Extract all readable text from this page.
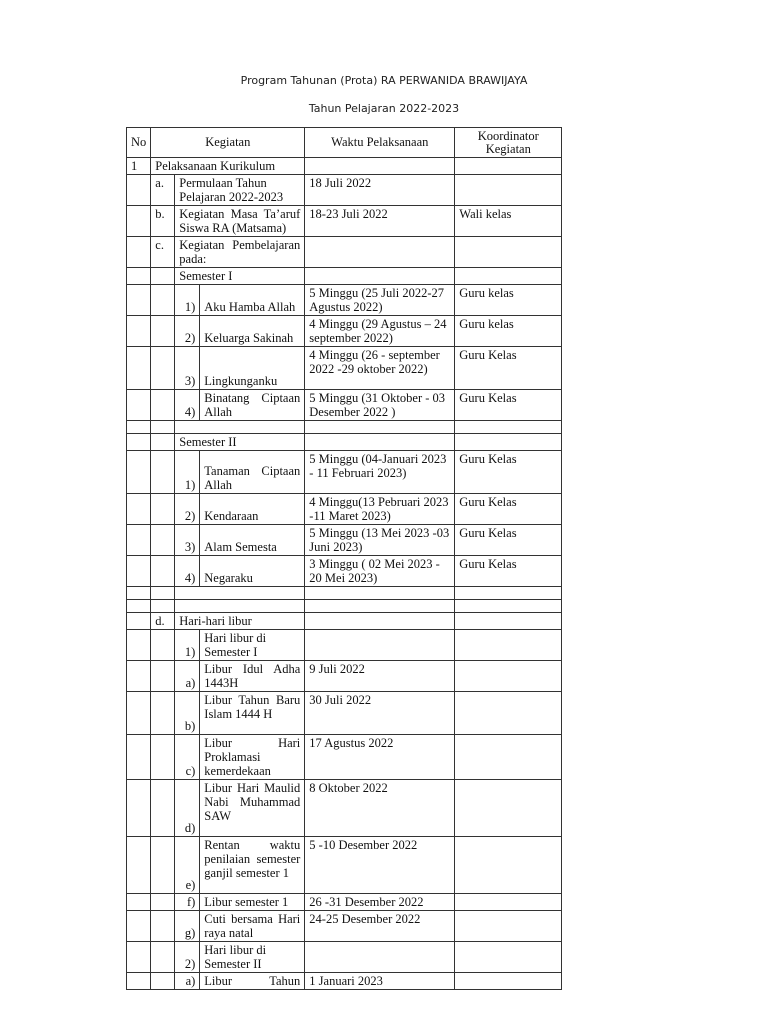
Program Tahunan (Prota) RA PERWANIDA BRAWIJAYA
Tahun Pelajaran 2022-2023
No	Kegiatan			Waktu Pelaksanaan	Koordinator Kegiatan
1	Pelaksanaan Kurikulum				
	a.	Permulaan Tahun Pelajaran 2022-2023		18 Juli 2022	
	b.	Kegiatan Masa Ta’aruf Siswa RA (Matsama)		18-23 Juli 2022	Wali kelas
	c.	Kegiatan Pembelajaran pada:			
		Semester I			
		1)	Aku Hamba Allah	5 Minggu (25 Juli 2022-27 Agustus 2022)	Guru kelas
		2)	Keluarga Sakinah	4 Minggu (29 Agustus – 24 september 2022)	Guru kelas
		3)	Lingkunganku	4 Minggu (26 - september 2022 -29 oktober 2022)	Guru Kelas
		4)	Binatang Ciptaan Allah	5 Minggu (31 Oktober - 03 Desember 2022 )	Guru Kelas

		Semester II			
		1)	Tanaman Ciptaan Allah	5 Minggu (04-Januari 2023 - 11 Februari 2023)	Guru Kelas
		2)	Kendaraan	4 Minggu(13 Pebruari 2023 -11 Maret 2023)	Guru Kelas
		3)	Alam Semesta	5 Minggu (13 Mei 2023 -03 Juni 2023)	Guru Kelas
		4)	Negaraku	3 Minggu ( 02 Mei 2023 - 20 Mei 2023)	Guru Kelas

	d.	Hari-hari libur			
		1)	Hari libur di Semester I		
		a)	Libur Idul Adha 1443H	9 Juli 2022	
		b)	Libur Tahun Baru Islam 1444 H	30 Juli 2022	
		c)	Libur Hari Proklamasi kemerdekaan	17 Agustus 2022	
		d)	Libur Hari Maulid Nabi Muhammad SAW	8 Oktober 2022	
		e)	Rentan waktu penilaian semester ganjil semester 1	5 -10 Desember 2022	
		f)	Libur semester 1	26 -31 Desember 2022	
		g)	Cuti bersama Hari raya natal	24-25 Desember 2022	
		2)	Hari libur di Semester II		
		a)	Libur Tahun	1 Januari 2023	
